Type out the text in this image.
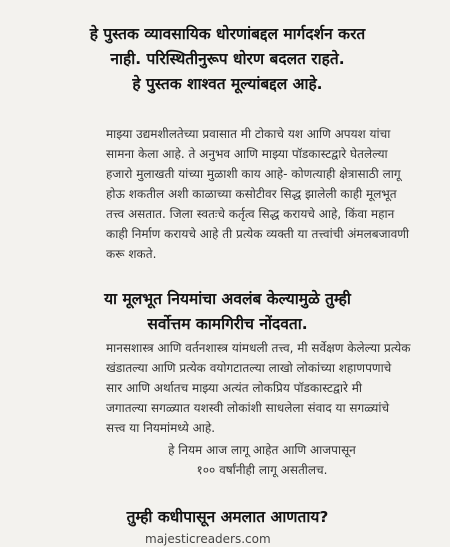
हे पुस्तक व्यावसायिक धोरणांबद्दल मार्गदर्शन करत
नाही. परिस्थितीनुरूप धोरण बदलत राहते.
हे पुस्तक शाश्वत मूल्यांबद्दल आहे.
माझ्या उद्यमशीलतेच्या प्रवासात मी टोकाचे यश आणि अपयश यांचा
सामना केला आहे. ते अनुभव आणि माझ्या पॉडकास्टद्वारे घेतलेल्या
हजारो मुलाखती यांच्या मुळाशी काय आहे- कोणत्याही क्षेत्रासाठी लागू
होऊ शकतील अशी काळाच्या कसोटीवर सिद्ध झालेली काही मूलभूत
तत्त्व असतात. जिला स्वतःचे कर्तृत्व सिद्ध करायचे आहे, किंवा महान
काही निर्माण करायचे आहे ती प्रत्येक व्यक्ती या तत्त्वांची अंमलबजावणी
करू शकते.
या मूलभूत नियमांचा अवलंब केल्यामुळे तुम्ही
सर्वोत्तम कामगिरीच नोंदवता.
मानसशास्त्र आणि वर्तनशास्त्र यांमधली तत्त्व, मी सर्वेक्षण केलेल्या प्रत्येक
खंडातल्या आणि प्रत्येक वयोगटातल्या लाखो लोकांच्या शहाणपणाचे
सार आणि अर्थातच माझ्या अत्यंत लोकप्रिय पॉडकास्टद्वारे मी
जगातल्या सगळ्यात यशस्वी लोकांशी साधलेला संवाद या सगळ्यांचे
सत्त्व या नियमांमध्ये आहे.
हे नियम आज लागू आहेत आणि आजपासून
१०० वर्षांनीही लागू असतीलच.
तुम्ही कधीपासून अमलात आणताय?
majesticreaders.com
